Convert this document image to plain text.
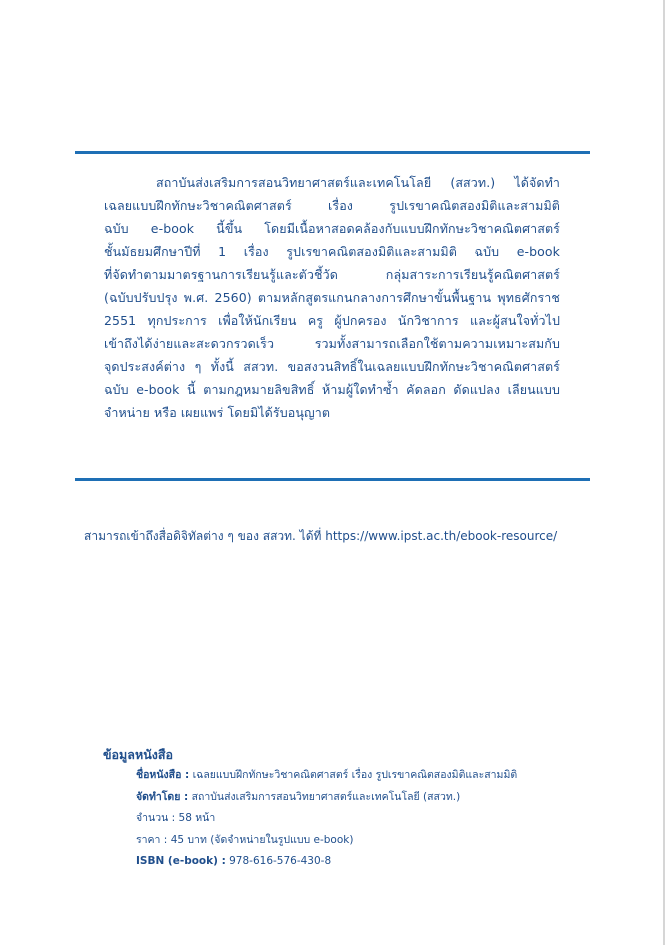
สถาบันส่งเสริมการสอนวิทยาศาสตร์และเทคโนโลยี (สสวท.) ได้จัดทำ
เฉลยแบบฝึกทักษะวิชาคณิตศาสตร์ เรื่อง รูปเรขาคณิตสองมิติและสามมิติ
ฉบับ e-book นี้ขึ้น โดยมีเนื้อหาสอดคล้องกับแบบฝึกทักษะวิชาคณิตศาสตร์
ชั้นมัธยมศึกษาปีที่ 1 เรื่อง รูปเรขาคณิตสองมิติและสามมิติ ฉบับ e-book
ที่จัดทำตามมาตรฐานการเรียนรู้และตัวชี้วัด กลุ่มสาระการเรียนรู้คณิตศาสตร์
(ฉบับปรับปรุง พ.ศ. 2560) ตามหลักสูตรแกนกลางการศึกษาขั้นพื้นฐาน พุทธศักราช
2551 ทุกประการ เพื่อให้นักเรียน ครู ผู้ปกครอง นักวิชาการ และผู้สนใจทั่วไป
เข้าถึงได้ง่ายและสะดวกรวดเร็ว รวมทั้งสามารถเลือกใช้ตามความเหมาะสมกับ
จุดประสงค์ต่าง ๆ ทั้งนี้ สสวท. ขอสงวนสิทธิ์ในเฉลยแบบฝึกทักษะวิชาคณิตศาสตร์
ฉบับ e-book นี้ ตามกฎหมายลิขสิทธิ์ ห้ามผู้ใดทำซ้ำ คัดลอก ดัดแปลง เลียนแบบ
จำหน่าย หรือ เผยแพร่ โดยมิได้รับอนุญาต
สามารถเข้าถึงสื่อดิจิทัลต่าง ๆ ของ สสวท. ได้ที่ https://www.ipst.ac.th/ebook-resource/
ข้อมูลหนังสือ
ชื่อหนังสือ : เฉลยแบบฝึกทักษะวิชาคณิตศาสตร์ เรื่อง รูปเรขาคณิตสองมิติและสามมิติ
จัดทำโดย : สถาบันส่งเสริมการสอนวิทยาศาสตร์และเทคโนโลยี (สสวท.)
จำนวน : 58 หน้า
ราคา : 45 บาท (จัดจำหน่ายในรูปแบบ e-book)
ISBN (e-book) : 978-616-576-430-8
